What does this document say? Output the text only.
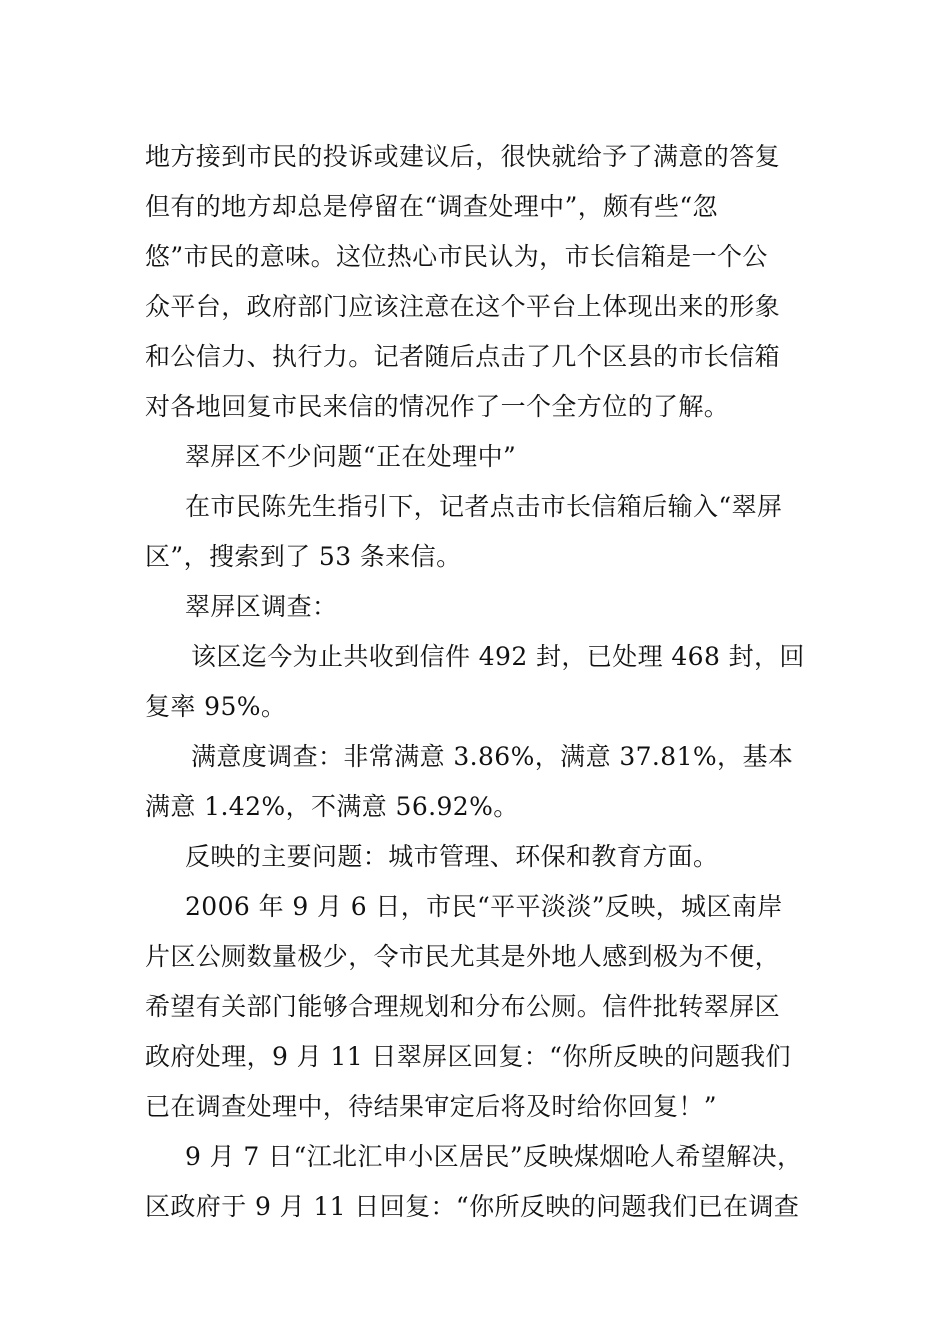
地方接到市民的投诉或建议后，很快就给予了满意的答复
但有的地方却总是停留在“调查处理中”，颇有些“忽
悠”市民的意味。这位热心市民认为，市长信箱是一个公
众平台，政府部门应该注意在这个平台上体现出来的形象
和公信力、执行力。记者随后点击了几个区县的市长信箱
对各地回复市民来信的情况作了一个全方位的了解。
翠屏区不少问题“正在处理中”
在市民陈先生指引下，记者点击市长信箱后输入“翠屏
区”，搜索到了 53 条来信。
翠屏区调查：
该区迄今为止共收到信件 492 封，已处理 468 封，回
复率 95%。
满意度调查：非常满意 3.86%，满意 37.81%，基本
满意 1.42%，不满意 56.92%。
反映的主要问题：城市管理、环保和教育方面。
2006 年 9 月 6 日，市民“平平淡淡”反映，城区南岸
片区公厕数量极少，令市民尤其是外地人感到极为不便，
希望有关部门能够合理规划和分布公厕。信件批转翠屏区
政府处理，9 月 11 日翠屏区回复：“你所反映的问题我们
已在调查处理中，待结果审定后将及时给你回复！”
9 月 7 日“江北汇申小区居民”反映煤烟呛人希望解决，
区政府于 9 月 11 日回复：“你所反映的问题我们已在调查
